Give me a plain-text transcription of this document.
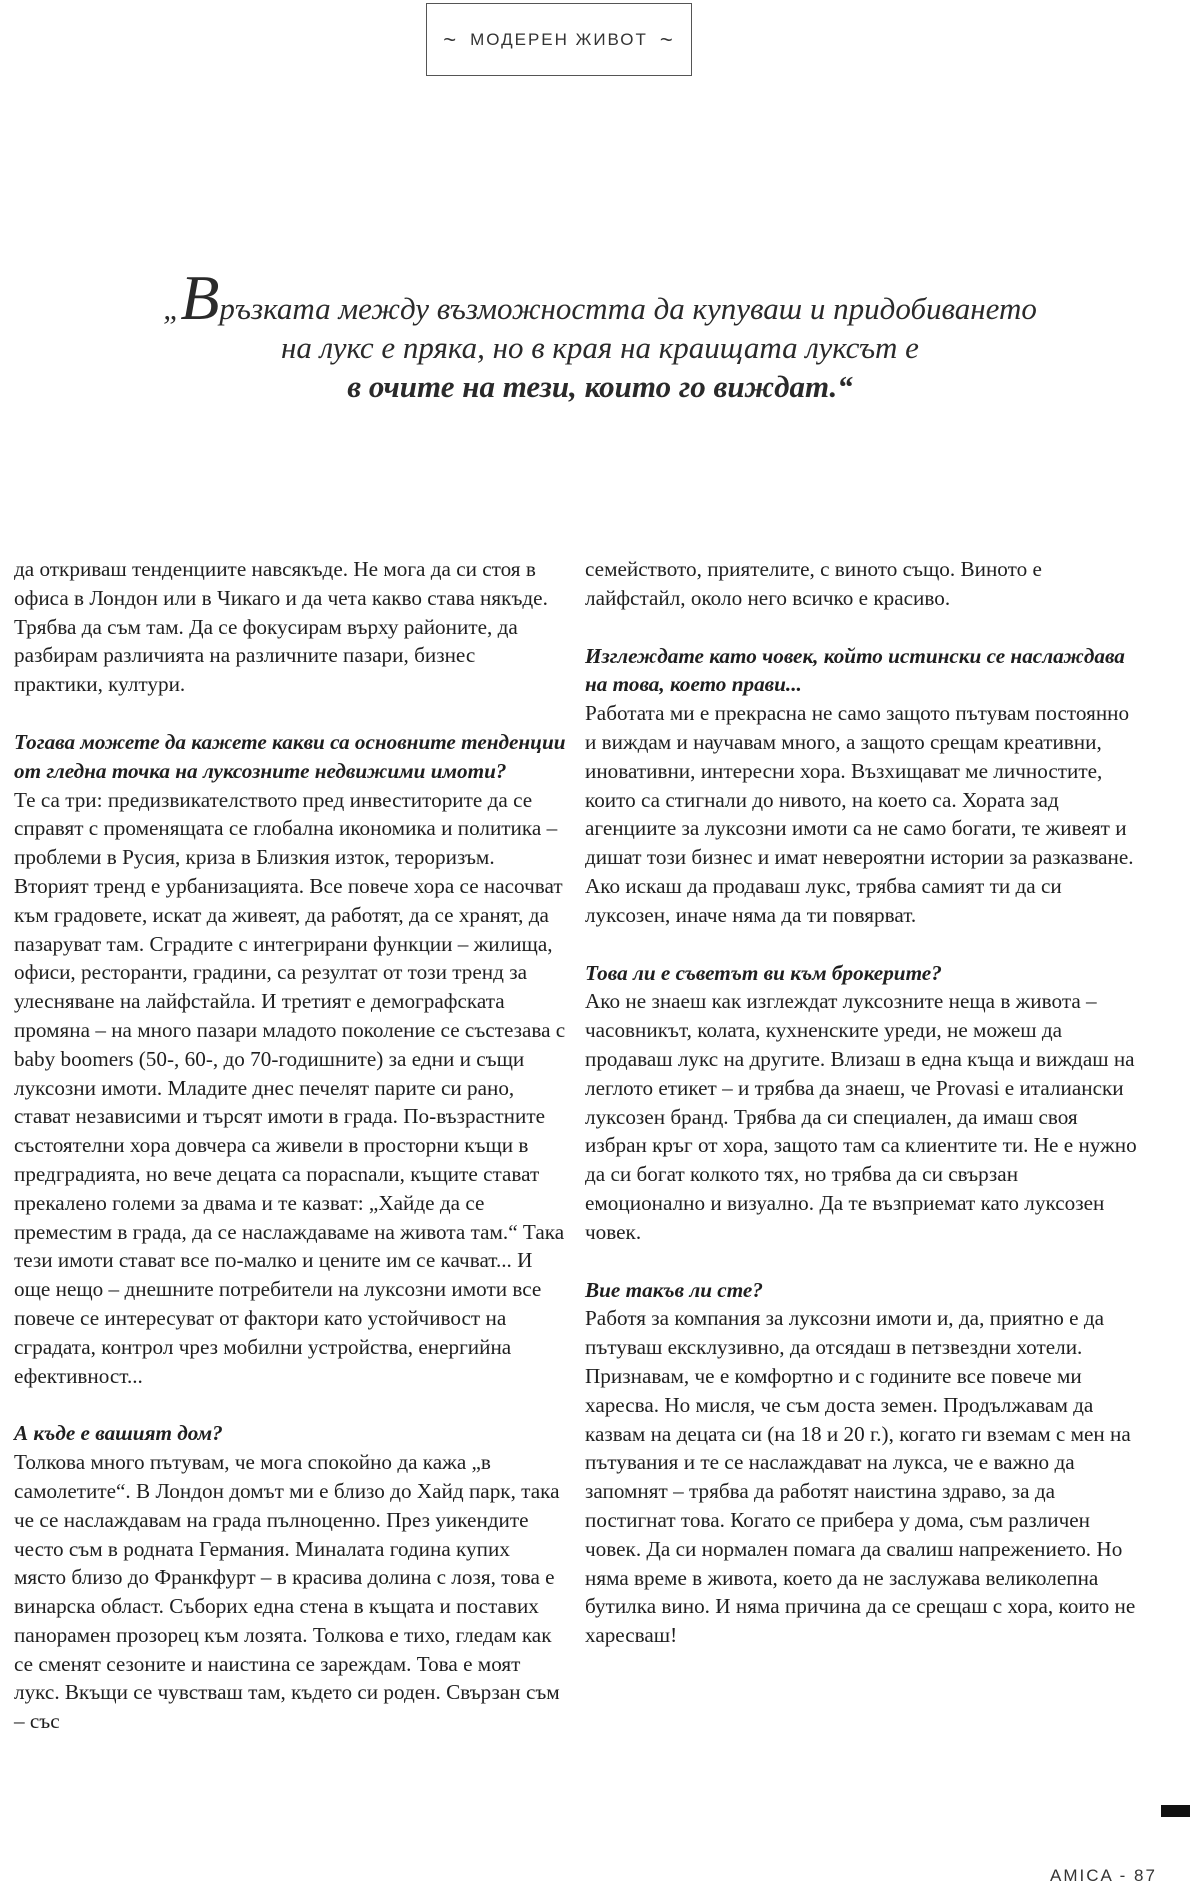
~ МОДЕРЕН ЖИВОТ ~
„Връзката между възможността да купуваш и придобиването
на лукс е пряка, но в края на краищата луксът е
в очите на тези, които го виждат.“

да откриваш тенденциите навсякъде. Не мога да си стоя в офиса в Лондон или в Чикаго и да чета какво става някъде. Трябва да съм там. Да се фокусирам върху районите, да разбирам различията на различните пазари, бизнес практики, култури.

Тогава можете да кажете какви са основните тенденции от гледна точка на луксозните недвижими имоти?

Те са три: предизвикателството пред инвеститорите да се справят с променящата се глобална икономика и политика – проблеми в Русия, криза в Близкия изток, тероризъм. Вторият тренд е урбанизацията. Все повече хора се насочват към градовете, искат да живеят, да работят, да се хранят, да пазаруват там. Сградите с интегрирани функции – жилища, офиси, ресторанти, градини, са резултат от този тренд за улесняване на лайфстайла. И третият е демографската промяна – на много пазари младото поколение се състезава с baby boomers (50-, 60-, до 70-годишните) за едни и същи луксозни имоти. Младите днес печелят парите си рано, стават независими и търсят имоти в града. По-възрастните състоятелни хора довчера са живели в просторни къщи в предградията, но вече децата са порасnали, къщите стават прекалено големи за двама и те казват: „Хайде да се преместим в града, да се наслаждаваме на живота там.“ Така тези имоти стават все по-малко и цените им се качват... И още нещо – днешните потребители на луксозни имоти все повече се интересуват от фактори като устойчивост на сградата, контрол чрез мобилни устройства, енергийна ефективност...

А къде е вашият дом?

Толкова много пътувам, че мога спокойно да кажа „в самолетите“. В Лондон домът ми е близо до Хайд парк, така че се наслаждавам на града пълноценно. През уикендите често съм в родната Германия. Миналата година купих място близо до Франкфурт – в красива долина с лозя, това е винарска област. Съборих една стена в къщата и поставих панорамен прозорец към лозята. Толкова е тихо, гледам как се сменят сезоните и наистина се зареждам. Това е моят лукс. Вкъщи се чувстваш там, където си роден. Свързан съм – със

семейството, приятелите, с виното също. Виното е лайфстайл, около него всичко е красиво.

Изглеждате като човек, който истински се наслаждава на това, което прави...

Работата ми е прекрасна не само защото пътувам постоянно и виждам и научавам много, а защото срещам креативни, иновативни, интересни хора. Възхищават ме личностите, които са стигнали до нивото, на което са. Хората зад агенциите за луксозни имоти са не само богати, те живеят и дишат този бизнес и имат невероятни истории за разказване. Ако искаш да продаваш лукс, трябва самият ти да си луксозен, иначе няма да ти повярват.

Това ли е съветът ви към брокерите?

Ако не знаеш как изглеждат луксозните неща в живота – часовникът, колата, кухненските уреди, не можеш да продаваш лукс на другите. Влизаш в една къща и виждаш на леглото етикет – и трябва да знаеш, че Provasi е италиански луксозен бранд. Трябва да си специален, да имаш своя избран кръг от хора, защото там са клиентите ти. Не е нужно да си богат колкото тях, но трябва да си свързан емоционално и визуално. Да те възприемат като луксозен човек.

Вие такъв ли сте?

Работя за компания за луксозни имоти и, да, приятно е да пътуваш ексклузивно, да отсядаш в петзвездни хотели. Признавам, че е комфортно и с годините все повече ми харесва. Но мисля, че съм доста земен. Продължавам да казвам на децата си (на 18 и 20 г.), когато ги вземам с мен на пътувания и те се наслаждават на лукса, че е важно да запомнят – трябва да работят наистина здраво, за да постигнат това. Когато се прибера у дома, съм различен човек. Да си нормален помага да свалиш напрежението. Но няма време в живота, което да не заслужава великолепна бутилка вино. И няма причина да се срещаш с хора, които не харесваш!

AMICA - 87
